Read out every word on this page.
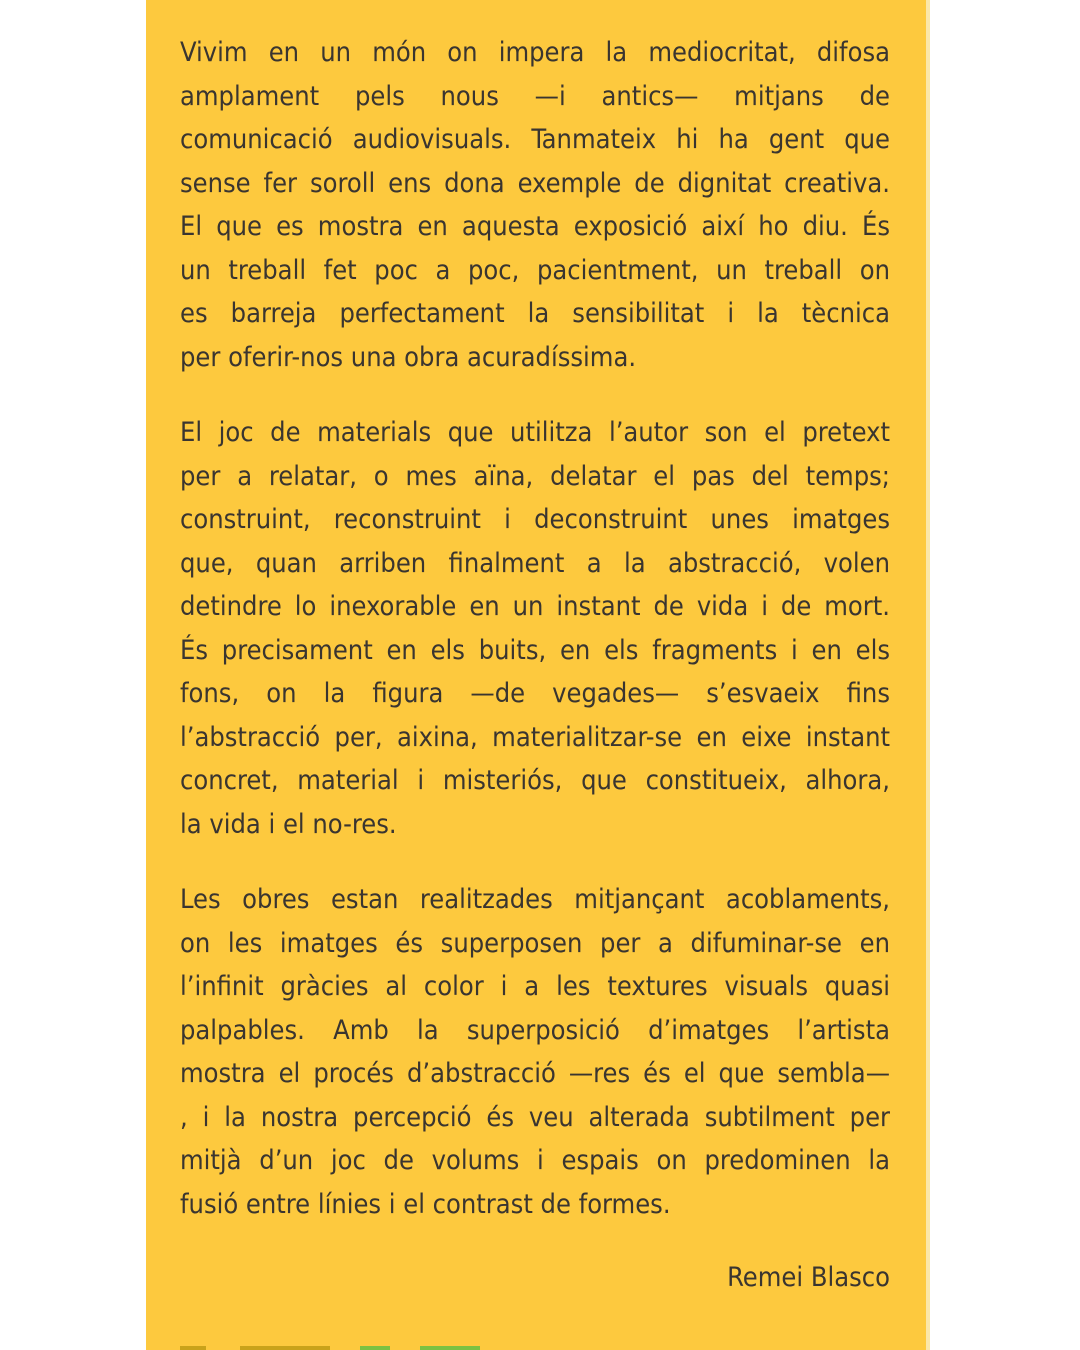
Vivim en un món on impera la mediocritat, difosa
amplament pels nous —i antics— mitjans de
comunicació audiovisuals. Tanmateix hi ha gent que
sense fer soroll ens dona exemple de dignitat creativa.
El que es mostra en aquesta exposició així ho diu. És
un treball fet poc a poc, pacientment, un treball on
es barreja perfectament la sensibilitat i la tècnica
per oferir-nos una obra acuradíssima.

El joc de materials que utilitza l’autor son el pretext
per a relatar, o mes aïna, delatar el pas del temps;
construint, reconstruint i deconstruint unes imatges
que, quan arriben finalment a la abstracció, volen
detindre lo inexorable en un instant de vida i de mort.
És precisament en els buits, en els fragments i en els
fons, on la figura —de vegades— s’esvaeix fins
l’abstracció per, aixina, materialitzar-se en eixe instant
concret, material i misteriós, que constitueix, alhora,
la vida i el no-res.

Les obres estan realitzades mitjançant acoblaments,
on les imatges és superposen per a difuminar-se en
l’infinit gràcies al color i a les textures visuals quasi
palpables. Amb la superposició d’imatges l’artista
mostra el procés d’abstracció —res és el que sembla—
, i la nostra percepció és veu alterada subtilment per
mitjà d’un joc de volums i espais on predominen la
fusió entre línies i el contrast de formes.

Remei Blasco
